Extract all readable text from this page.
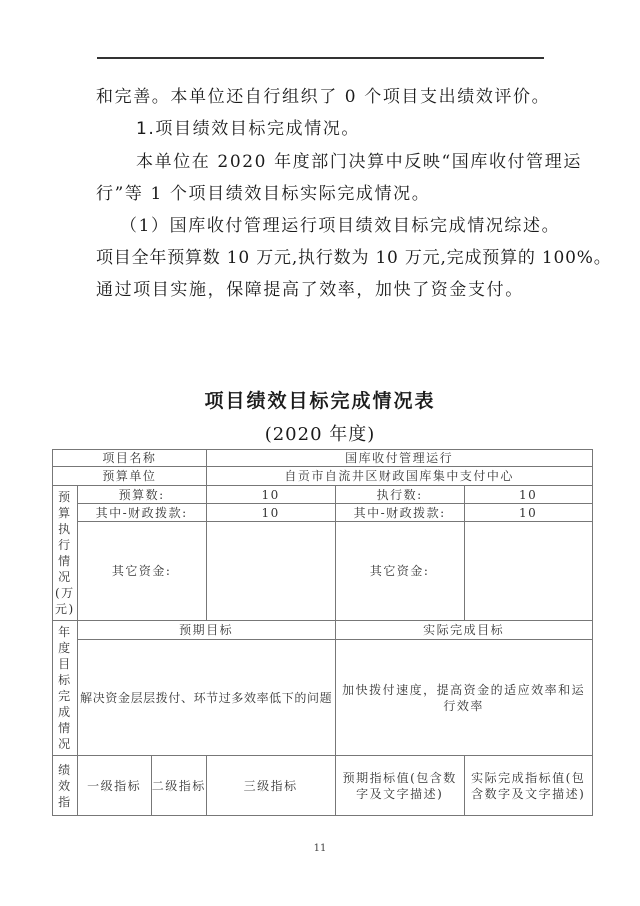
和完善。本单位还自行组织了 0 个项目支出绩效评价。
1.项目绩效目标完成情况。
本单位在 2020 年度部门决算中反映“国库收付管理运
行”等 1 个项目绩效目标实际完成情况。
（1）国库收付管理运行项目绩效目标完成情况综述。
项目全年预算数 10 万元,执行数为 10 万元,完成预算的 100%。
通过项目实施，保障提高了效率，加快了资金支付。
项目绩效目标完成情况表
(2020 年度)
项目名称			国库收付管理运行		
预算单位			自贡市自流井区财政国库集中支付中心		
预算执行情况(万元)	预算数:		10	执行数:	10
	其中-财政拨款:		10	其中-财政拨款:	10
	其它资金:			其它资金:	
年度目标完成情况	预期目标			实际完成目标	
	解决资金层层拨付、环节过多效率低下的问题			加快拨付速度，提高资金的适应效率和运行效率	
绩效指	一级指标	二级指标	三级指标	预期指标值(包含数字及文字描述)	实际完成指标值(包含数字及文字描述)
11
